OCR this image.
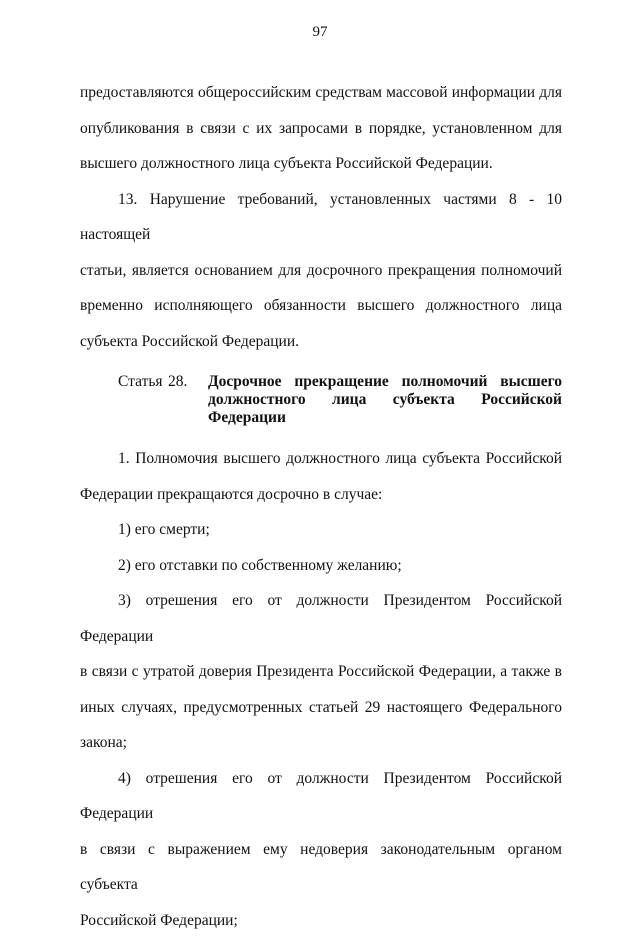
97
предоставляются общероссийским средствам массовой информации для
опубликования в связи с их запросами в порядке, установленном для
высшего должностного лица субъекта Российской Федерации.
13. Нарушение требований, установленных частями 8 - 10 настоящей
статьи, является основанием для досрочного прекращения полномочий
временно исполняющего обязанности высшего должностного лица
субъекта Российской Федерации.
Статья 28.	Досрочное прекращение полномочий высшего
должностного лица субъекта Российской
Федерации
1. Полномочия высшего должностного лица субъекта Российской
Федерации прекращаются досрочно в случае:
1) его смерти;
2) его отставки по собственному желанию;
3) отрешения его от должности Президентом Российской Федерации
в связи с утратой доверия Президента Российской Федерации, а также в
иных случаях, предусмотренных статьей 29 настоящего Федерального
закона;
4) отрешения его от должности Президентом Российской Федерации
в связи с выражением ему недоверия законодательным органом субъекта
Российской Федерации;
